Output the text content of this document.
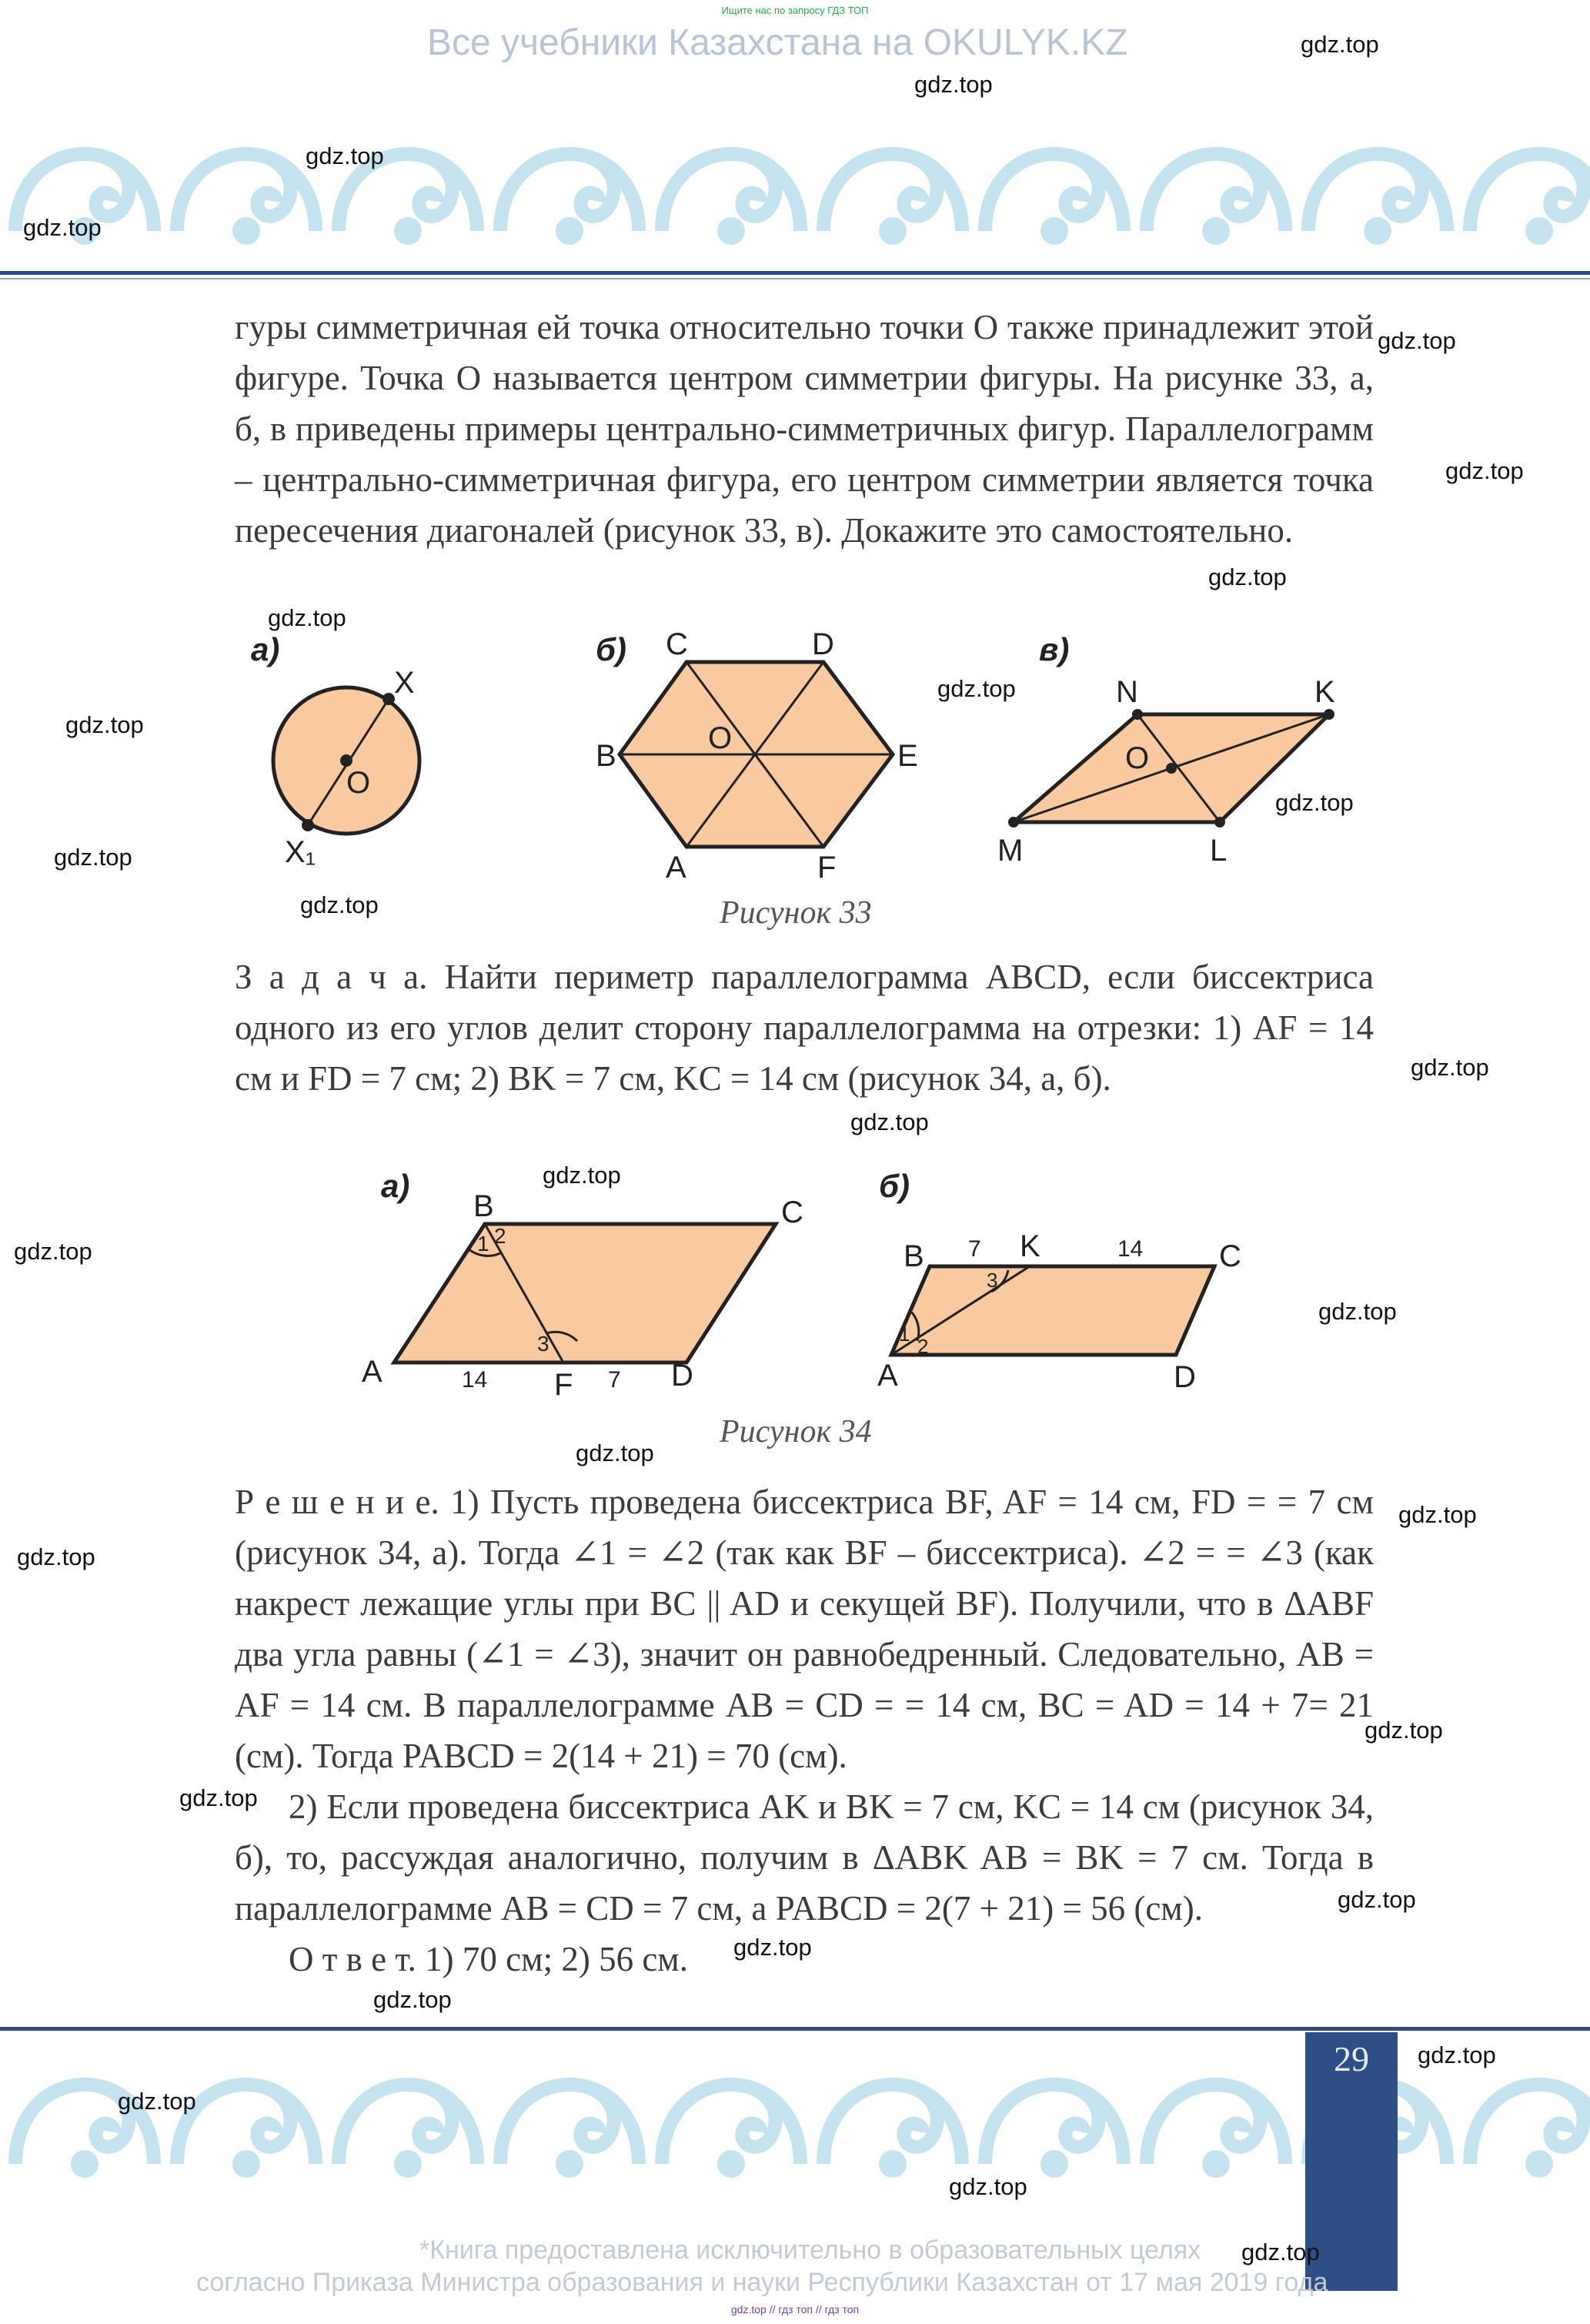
Ищите нас по запросу ГДЗ ТОП
Все учебники Казахстана на OKULYK.KZ

гуры симметричная ей точка относительно точки O также принадлежит этой фигуре. Точка O называется центром симметрии фигуры. На рисунке 33, а, б, в приведены примеры центрально-симметричных фигур. Параллелограмм – центрально-симметричная фигура, его центром симметрии является точка пересечения диагоналей (рисунок 33, в). Докажите это самостоятельно.

а)
X
O
X₁
б) C	D
B
O
E
A	F
в)
N	K
O
M	L
Рисунок 33

З а д а ч а. Найти периметр параллелограмма ABCD, если биссектриса одного из его углов делит сторону параллелограмма на отрезки: 1) AF = 14 см и FD = 7 см; 2) BK = 7 см, KC = 14 см (рисунок 34, а, б).

а)
B	C
A	D
F
1 2
3
14	7
б)
B	K	C
A	D
1
2
3
7	14
Рисунок 34

Р е ш е н и е. 1) Пусть проведена биссектриса BF, AF = 14 см, FD = = 7 см (рисунок 34, а). Тогда ∠1 = ∠2 (так как BF – биссектриса). ∠2 = = ∠3 (как накрест лежащие углы при BC || AD и секущей BF). Получили, что в ΔABF два угла равны (∠1 = ∠3), значит он равнобедренный. Следовательно, AB = AF = 14 см. В параллелограмме AB = CD = = 14 см, BC = AD = 14 + 7= 21 (см). Тогда PABCD = 2(14 + 21) = 70 (см).

2) Если проведена биссектриса AK и BK = 7 см, KC = 14 см (рисунок 34, б), то, рассуждая аналогично, получим в ΔABK AB = BK = 7 см. Тогда в параллелограмме AB = CD = 7 см, а PABCD = 2(7 + 21) = 56 (см).

О т в е т. 1) 70 см; 2) 56 см.

29
*Книга предоставлена исключительно в образовательных целях
согласно Приказа Министра образования и науки Республики Казахстан от 17 мая 2019 года
gdz.top // гдз топ // гдз топ
gdz.top
gdz.top
gdz.top
gdz.top
gdz.top
gdz.top
gdz.top
gdz.top
gdz.top
gdz.top
gdz.top
gdz.top
gdz.top
gdz.top
gdz.top
gdz.top
gdz.top
gdz.top
gdz.top
gdz.top
gdz.top
gdz.top
gdz.top
gdz.top
gdz.top
gdz.top
gdz.top
gdz.top
gdz.top
gdz.top
